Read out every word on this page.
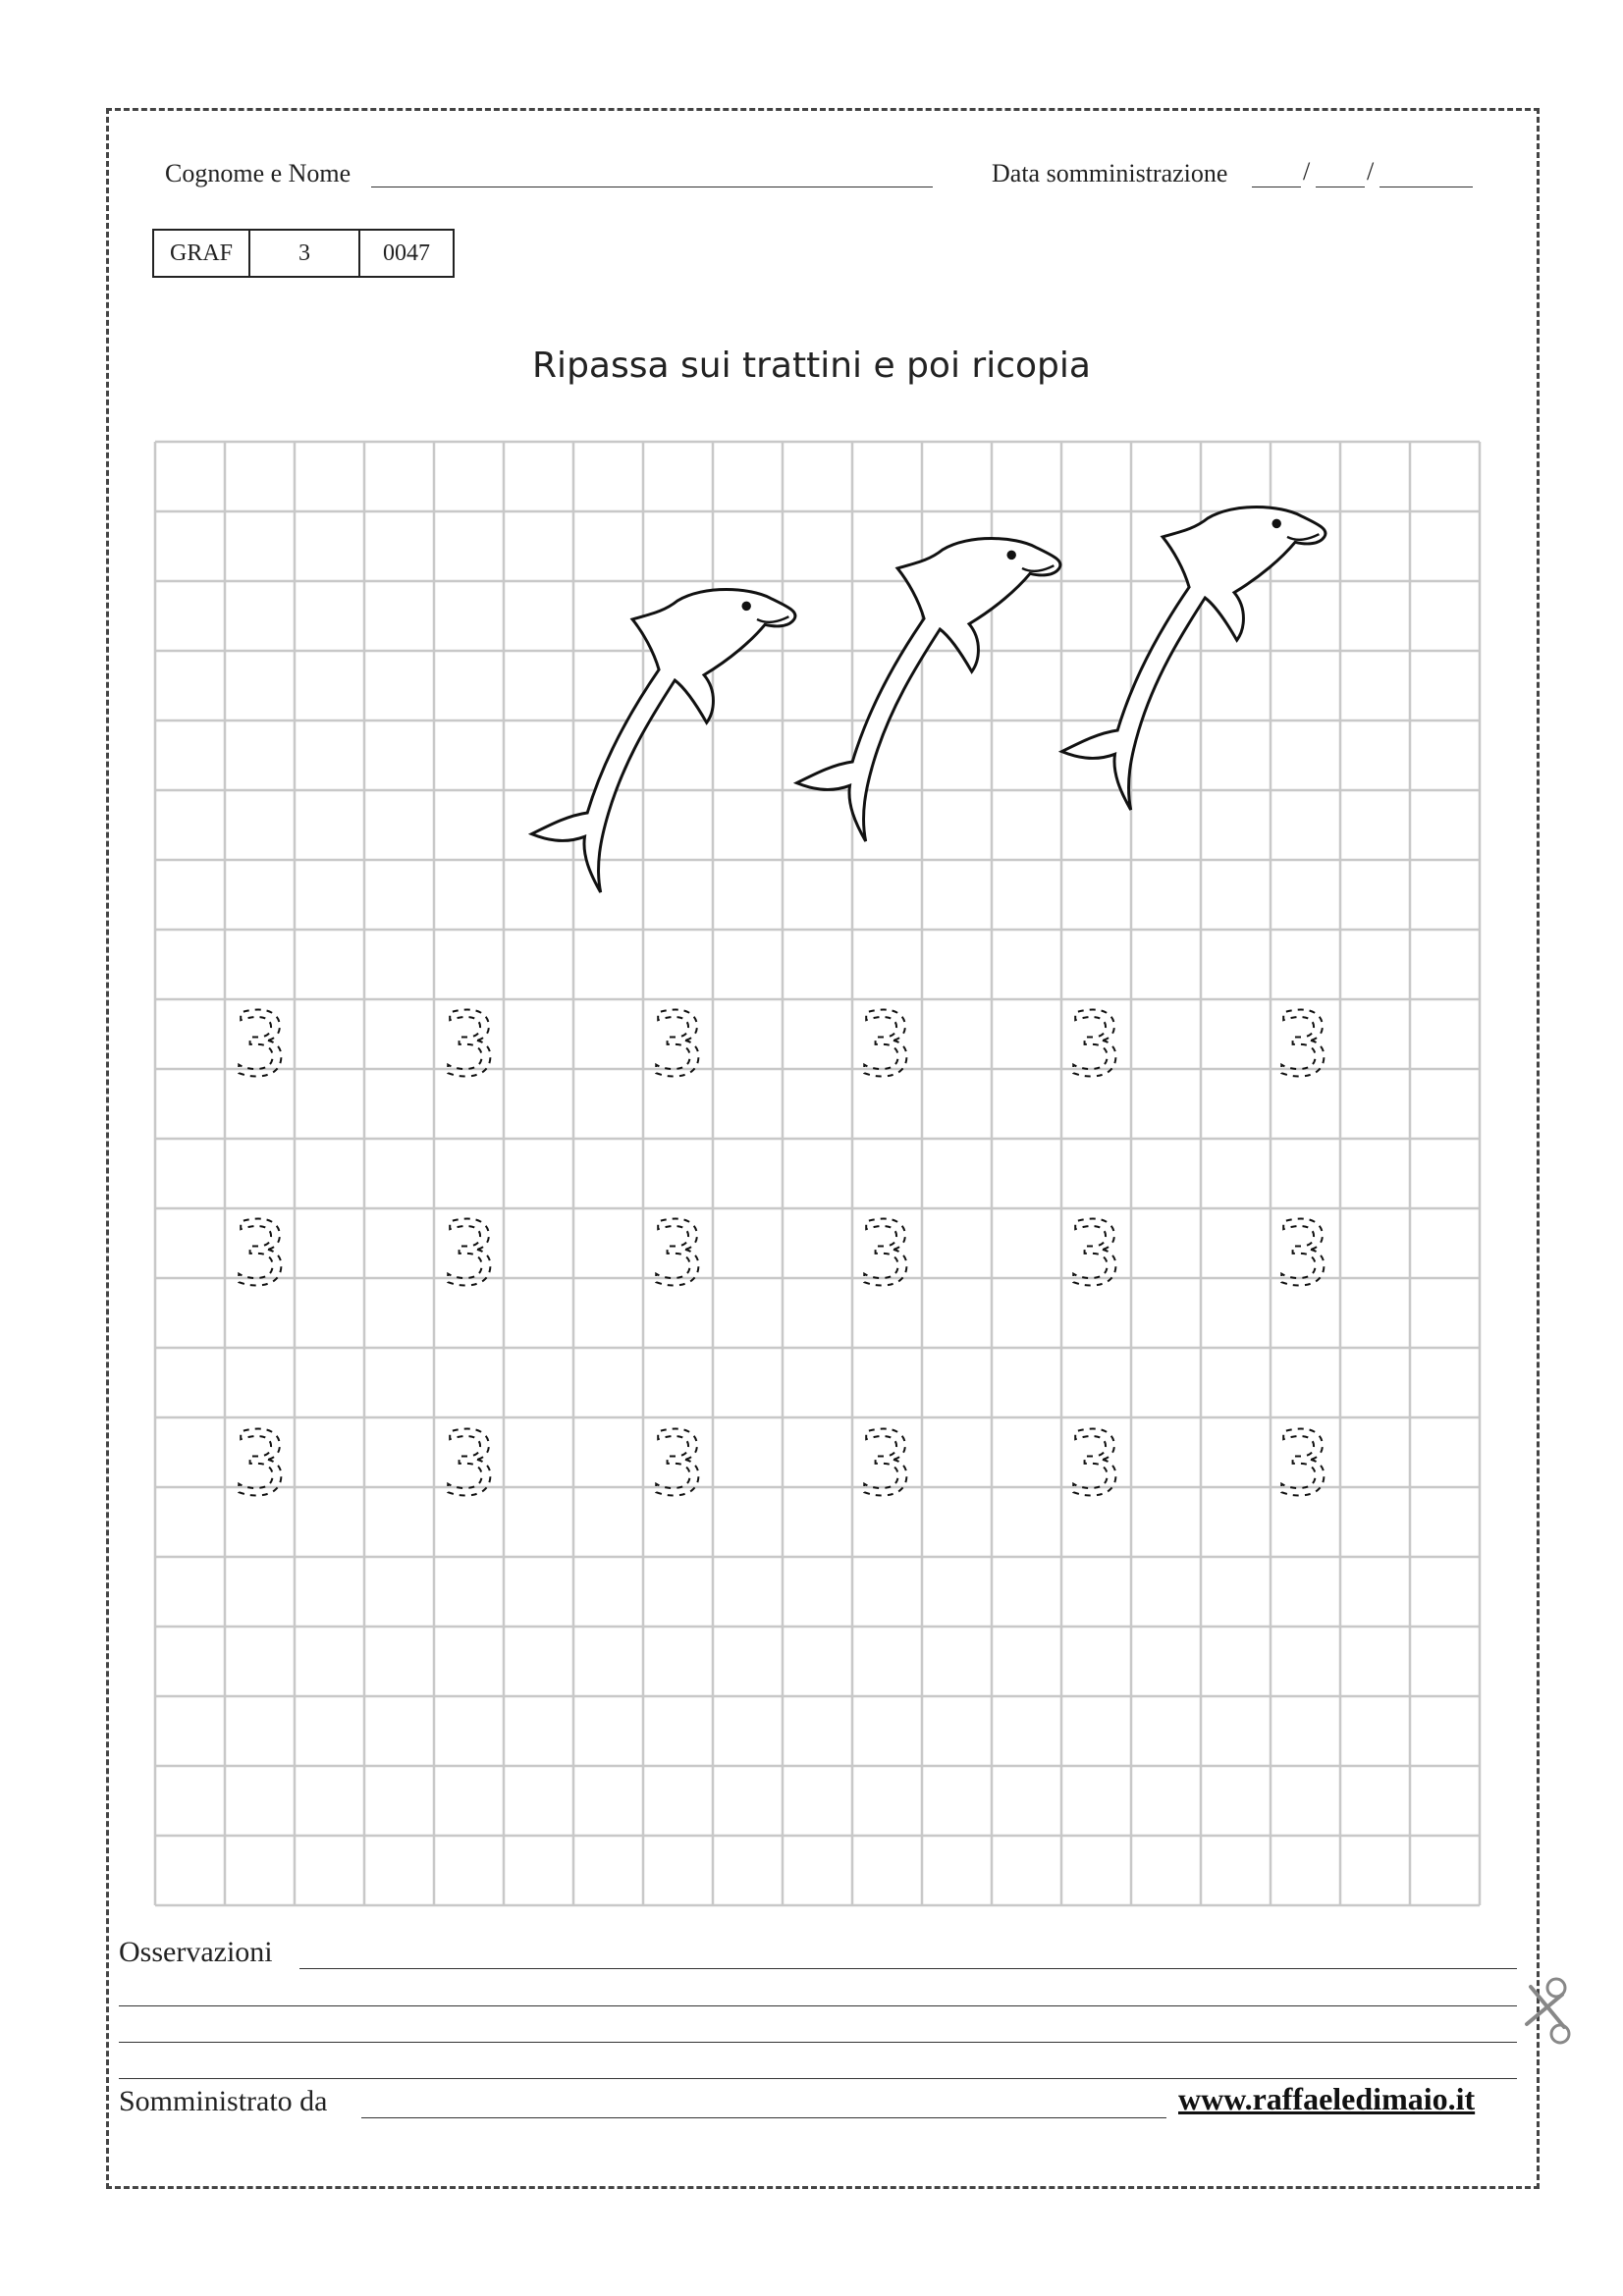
Cognome e Nome	Data somministrazione	/ /
GRAF	3	0047
Ripassa sui trattini e poi ricopia
3 3 3 3 3 3
3 3 3 3 3 3
3 3 3 3 3 3
Osservazioni
Somministrato da	www.raffaeledimaio.it
